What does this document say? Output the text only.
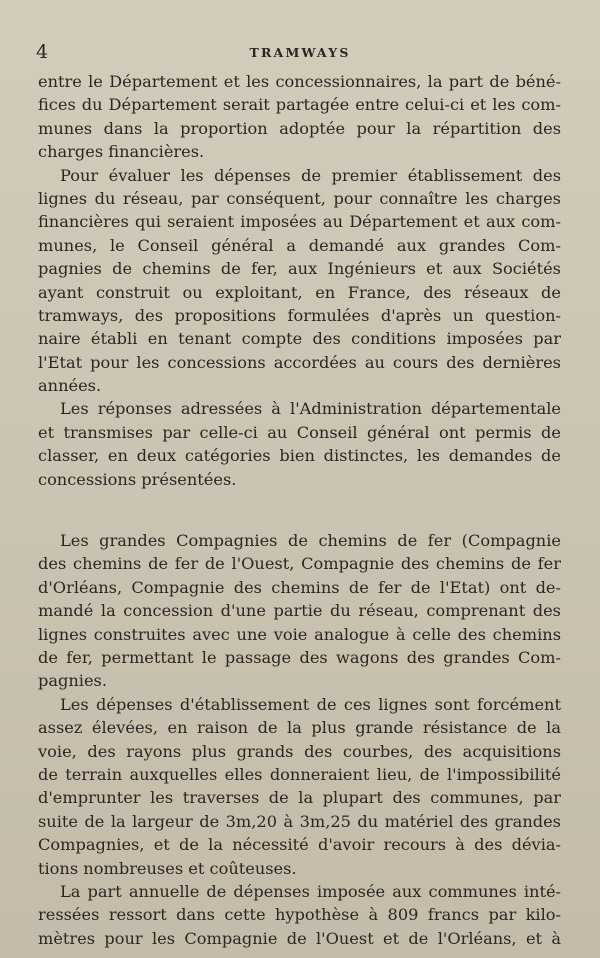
4	TRAMWAYS
entre le Département et les concessionnaires, la part de béné-
fices du Département serait partagée entre celui-ci et les com-
munes dans la proportion adoptée pour la répartition des
charges financières.
Pour évaluer les dépenses de premier établissement des
lignes du réseau, par conséquent, pour connaître les charges
financières qui seraient imposées au Département et aux com-
munes, le Conseil général a demandé aux grandes Com-
pagnies de chemins de fer, aux Ingénieurs et aux Sociétés
ayant construit ou exploitant, en France, des réseaux de
tramways, des propositions formulées d'après un question-
naire établi en tenant compte des conditions imposées par
l'Etat pour les concessions accordées au cours des dernières
années.
Les réponses adressées à l'Administration départementale
et transmises par celle-ci au Conseil général ont permis de
classer, en deux catégories bien distinctes, les demandes de
concessions présentées.
Les grandes Compagnies de chemins de fer (Compagnie
des chemins de fer de l'Ouest, Compagnie des chemins de fer
d'Orléans, Compagnie des chemins de fer de l'Etat) ont de-
mandé la concession d'une partie du réseau, comprenant des
lignes construites avec une voie analogue à celle des chemins
de fer, permettant le passage des wagons des grandes Com-
pagnies.
Les dépenses d'établissement de ces lignes sont forcément
assez élevées, en raison de la plus grande résistance de la
voie, des rayons plus grands des courbes, des acquisitions
de terrain auxquelles elles donneraient lieu, de l'impossibilité
d'emprunter les traverses de la plupart des communes, par
suite de la largeur de 3m,20 à 3m,25 du matériel des grandes
Compagnies, et de la nécessité d'avoir recours à des dévia-
tions nombreuses et coûteuses.
La part annuelle de dépenses imposée aux communes inté-
ressées ressort dans cette hypothèse à 809 francs par kilo-
mètres pour les Compagnie de l'Ouest et de l'Orléans, et à
